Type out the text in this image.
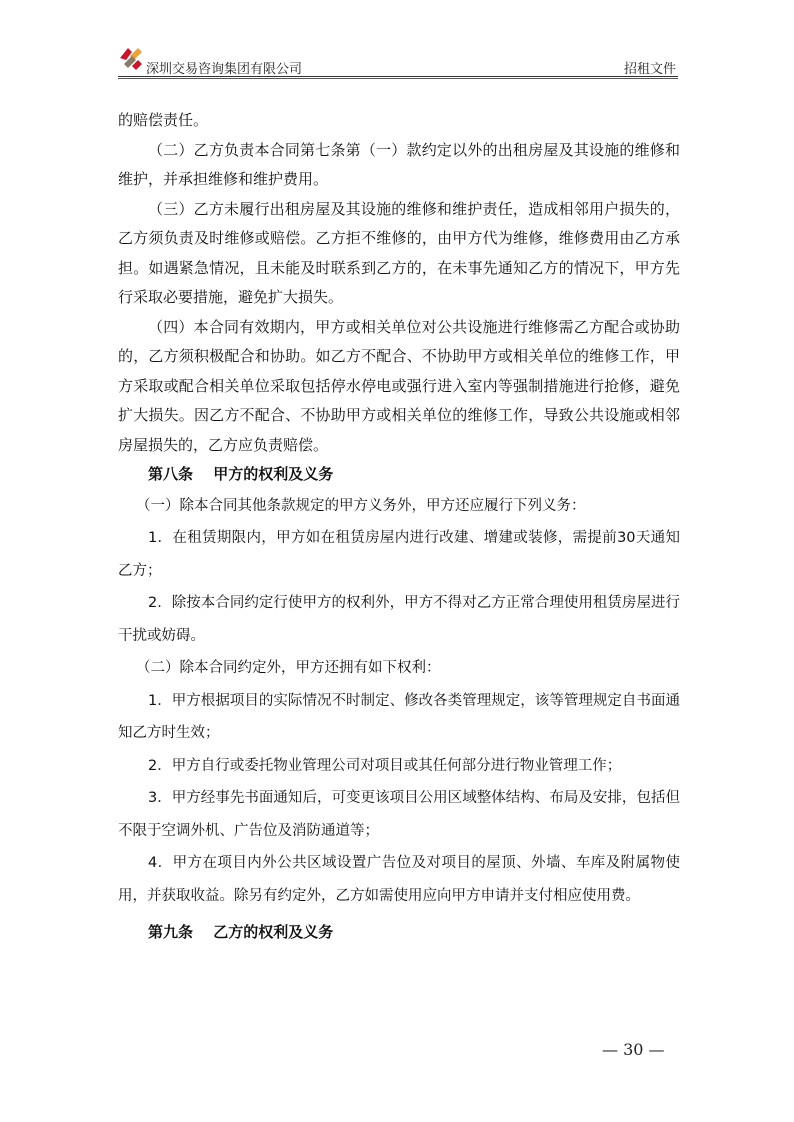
深圳交易咨询集团有限公司	招租文件

的赔偿责任。

（二）乙方负责本合同第七条第（一）款约定以外的出租房屋及其设施的维修和维护，并承担维修和维护费用。

（三）乙方未履行出租房屋及其设施的维修和维护责任，造成相邻用户损失的，乙方须负责及时维修或赔偿。乙方拒不维修的，由甲方代为维修，维修费用由乙方承担。如遇紧急情况，且未能及时联系到乙方的，在未事先通知乙方的情况下，甲方先行采取必要措施，避免扩大损失。

（四）本合同有效期内，甲方或相关单位对公共设施进行维修需乙方配合或协助的，乙方须积极配合和协助。如乙方不配合、不协助甲方或相关单位的维修工作，甲方采取或配合相关单位采取包括停水停电或强行进入室内等强制措施进行抢修，避免扩大损失。因乙方不配合、不协助甲方或相关单位的维修工作，导致公共设施或相邻房屋损失的，乙方应负责赔偿。

第八条　 甲方的权利及义务

（一）除本合同其他条款规定的甲方义务外，甲方还应履行下列义务：

1．在租赁期限内，甲方如在租赁房屋内进行改建、增建或装修，需提前30天通知乙方；

2．除按本合同约定行使甲方的权利外，甲方不得对乙方正常合理使用租赁房屋进行干扰或妨碍。

（二）除本合同约定外，甲方还拥有如下权利：

1．甲方根据项目的实际情况不时制定、修改各类管理规定，该等管理规定自书面通知乙方时生效；

2．甲方自行或委托物业管理公司对项目或其任何部分进行物业管理工作；

3．甲方经事先书面通知后，可变更该项目公用区域整体结构、布局及安排，包括但不限于空调外机、广告位及消防通道等；

4．甲方在项目内外公共区域设置广告位及对项目的屋顶、外墙、车库及附属物使用，并获取收益。除另有约定外，乙方如需使用应向甲方申请并支付相应使用费。

第九条　 乙方的权利及义务

— 30 —
